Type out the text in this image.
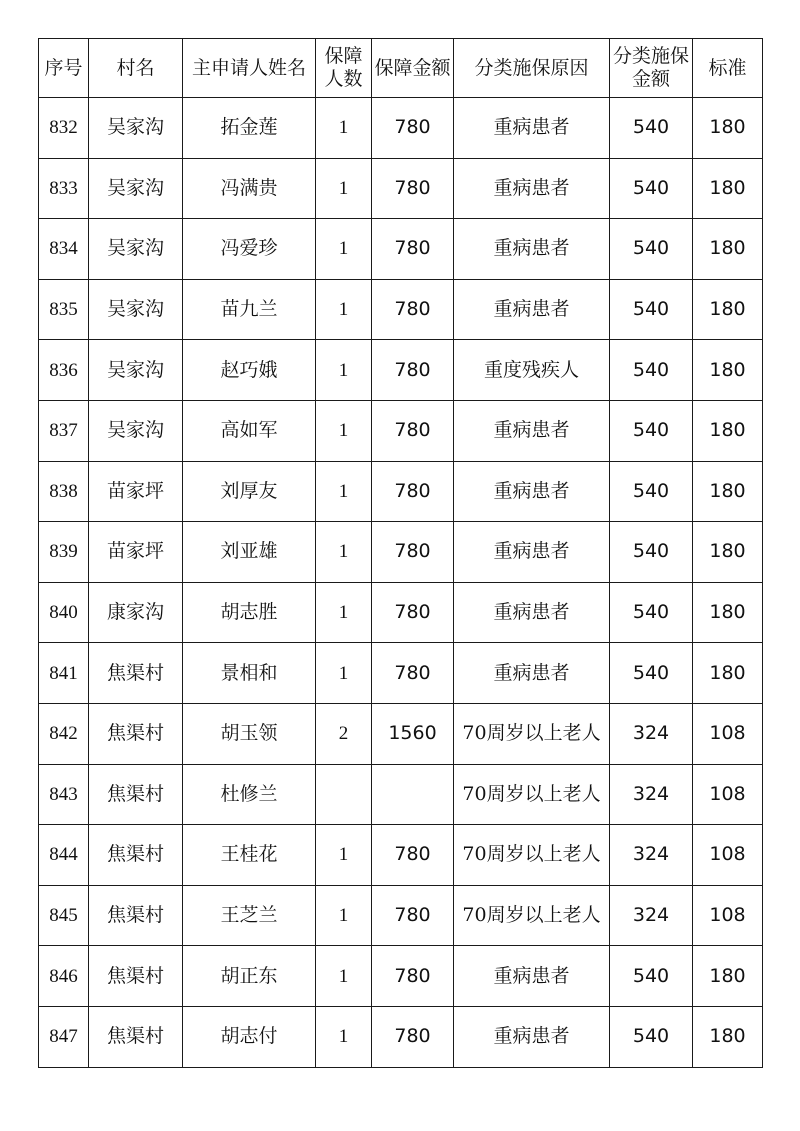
序号	村名	主申请人姓名	保障人数	保障金额	分类施保原因	分类施保金额	标准
832	吴家沟	拓金莲	1	780	重病患者	540	180
833	吴家沟	冯满贵	1	780	重病患者	540	180
834	吴家沟	冯爱珍	1	780	重病患者	540	180
835	吴家沟	苗九兰	1	780	重病患者	540	180
836	吴家沟	赵巧娥	1	780	重度残疾人	540	180
837	吴家沟	高如军	1	780	重病患者	540	180
838	苗家坪	刘厚友	1	780	重病患者	540	180
839	苗家坪	刘亚雄	1	780	重病患者	540	180
840	康家沟	胡志胜	1	780	重病患者	540	180
841	焦渠村	景相和	1	780	重病患者	540	180
842	焦渠村	胡玉领	2	1560	70周岁以上老人	324	108
843	焦渠村	杜修兰			70周岁以上老人	324	108
844	焦渠村	王桂花	1	780	70周岁以上老人	324	108
845	焦渠村	王芝兰	1	780	70周岁以上老人	324	108
846	焦渠村	胡正东	1	780	重病患者	540	180
847	焦渠村	胡志付	1	780	重病患者	540	180
